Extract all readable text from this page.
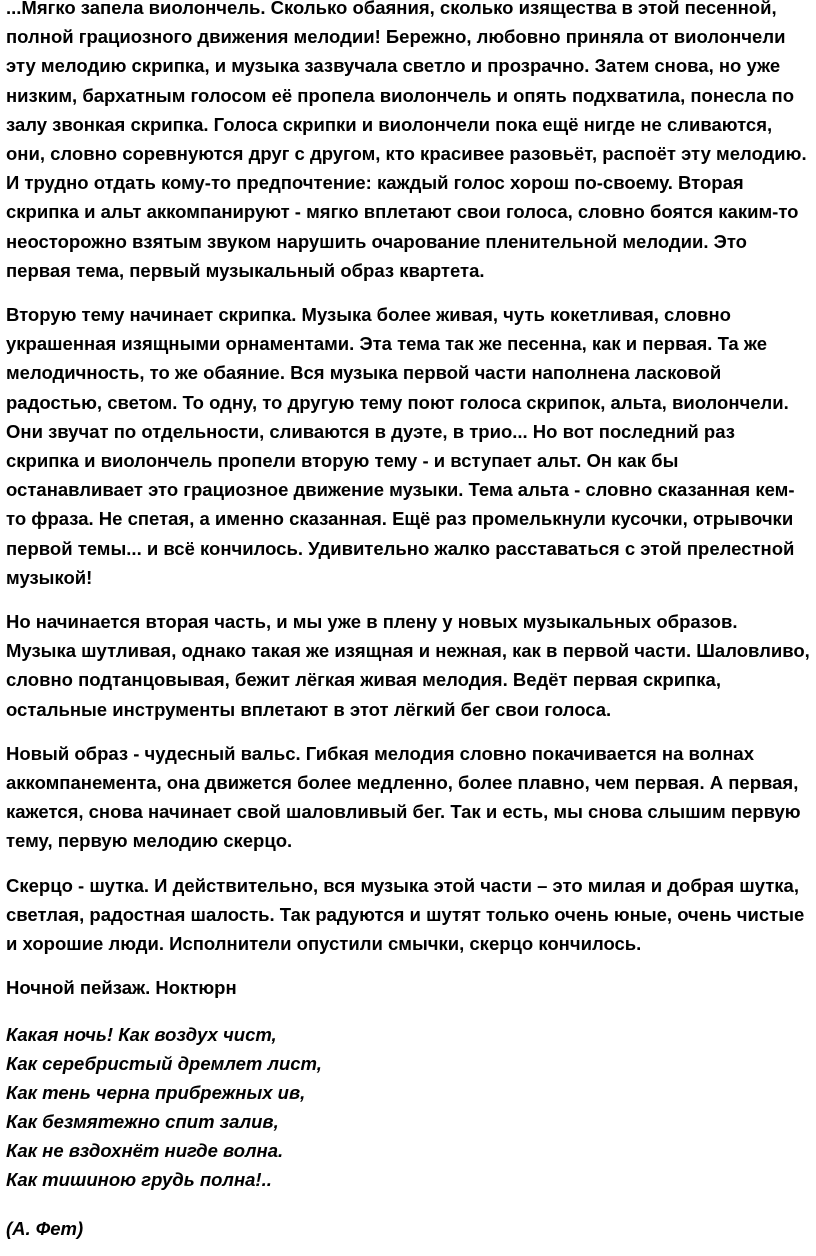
...Мягко запела виолончель. Сколько обаяния, сколько изящества в этой песенной, полной грациозного движения мелодии! Бережно, любовно приняла от виолончели эту мелодию скрипка, и музыка зазвучала светло и прозрачно. Затем снова, но уже низким, бархатным голосом её пропела виолончель и опять подхватила, понесла по залу звонкая скрипка. Голоса скрипки и виолончели пока ещё нигде не сливаются, они, словно соревнуются друг с другом, кто красивее разовьёт, распоёт эту мелодию. И трудно отдать кому-то предпочтение: каждый голос хорош по-своему. Вторая скрипка и альт аккомпанируют - мягко вплетают свои голоса, словно боятся каким-то неосторожно взятым звуком нарушить очарование пленительной мелодии. Это первая тема, первый музыкальный образ квартета.

Вторую тему начинает скрипка. Музыка более живая, чуть кокетливая, словно украшенная изящными орнаментами. Эта тема так же песенна, как и первая. Та же мелодичность, то же обаяние. Вся музыка первой части наполнена ласковой радостью, светом. То одну, то другую тему поют голоса скрипок, альта, виолончели. Они звучат по отдельности, сливаются в дуэте, в трио... Но вот последний раз скрипка и виолончель пропели вторую тему - и вступает альт. Он как бы останавливает это грациозное движение музыки. Тема альта - словно сказанная кем-то фраза. Не спетая, а именно сказанная. Ещё раз промелькнули кусочки, отрывочки первой темы... и всё кончилось. Удивительно жалко расставаться с этой прелестной музыкой!

Но начинается вторая часть, и мы уже в плену у новых музыкальных образов. Музыка шутливая, однако такая же изящная и нежная, как в первой части. Шаловливо, словно подтанцовывая, бежит лёгкая живая мелодия. Ведёт первая скрипка, остальные инструменты вплетают в этот лёгкий бег свои голоса.

Новый образ - чудесный вальс. Гибкая мелодия словно покачивается на волнах аккомпанемента, она движется более медленно, более плавно, чем первая. А первая, кажется, снова начинает свой шаловливый бег. Так и есть, мы снова слышим первую тему, первую мелодию скерцо.

Скерцо - шутка. И действительно, вся музыка этой части – это милая и добрая шутка, светлая, радостная шалость. Так радуются и шутят только очень юные, очень чистые и хорошие люди. Исполнители опустили смычки, скерцо кончилось.

Ночной пейзаж. Ноктюрн

Какая ночь! Как воздух чист,
Как серебристый дремлет лист,
Как тень черна прибрежных ив,
Как безмятежно спит залив,
Как не вздохнёт нигде волна.
Как тишиною грудь полна!..

(А. Фет)
